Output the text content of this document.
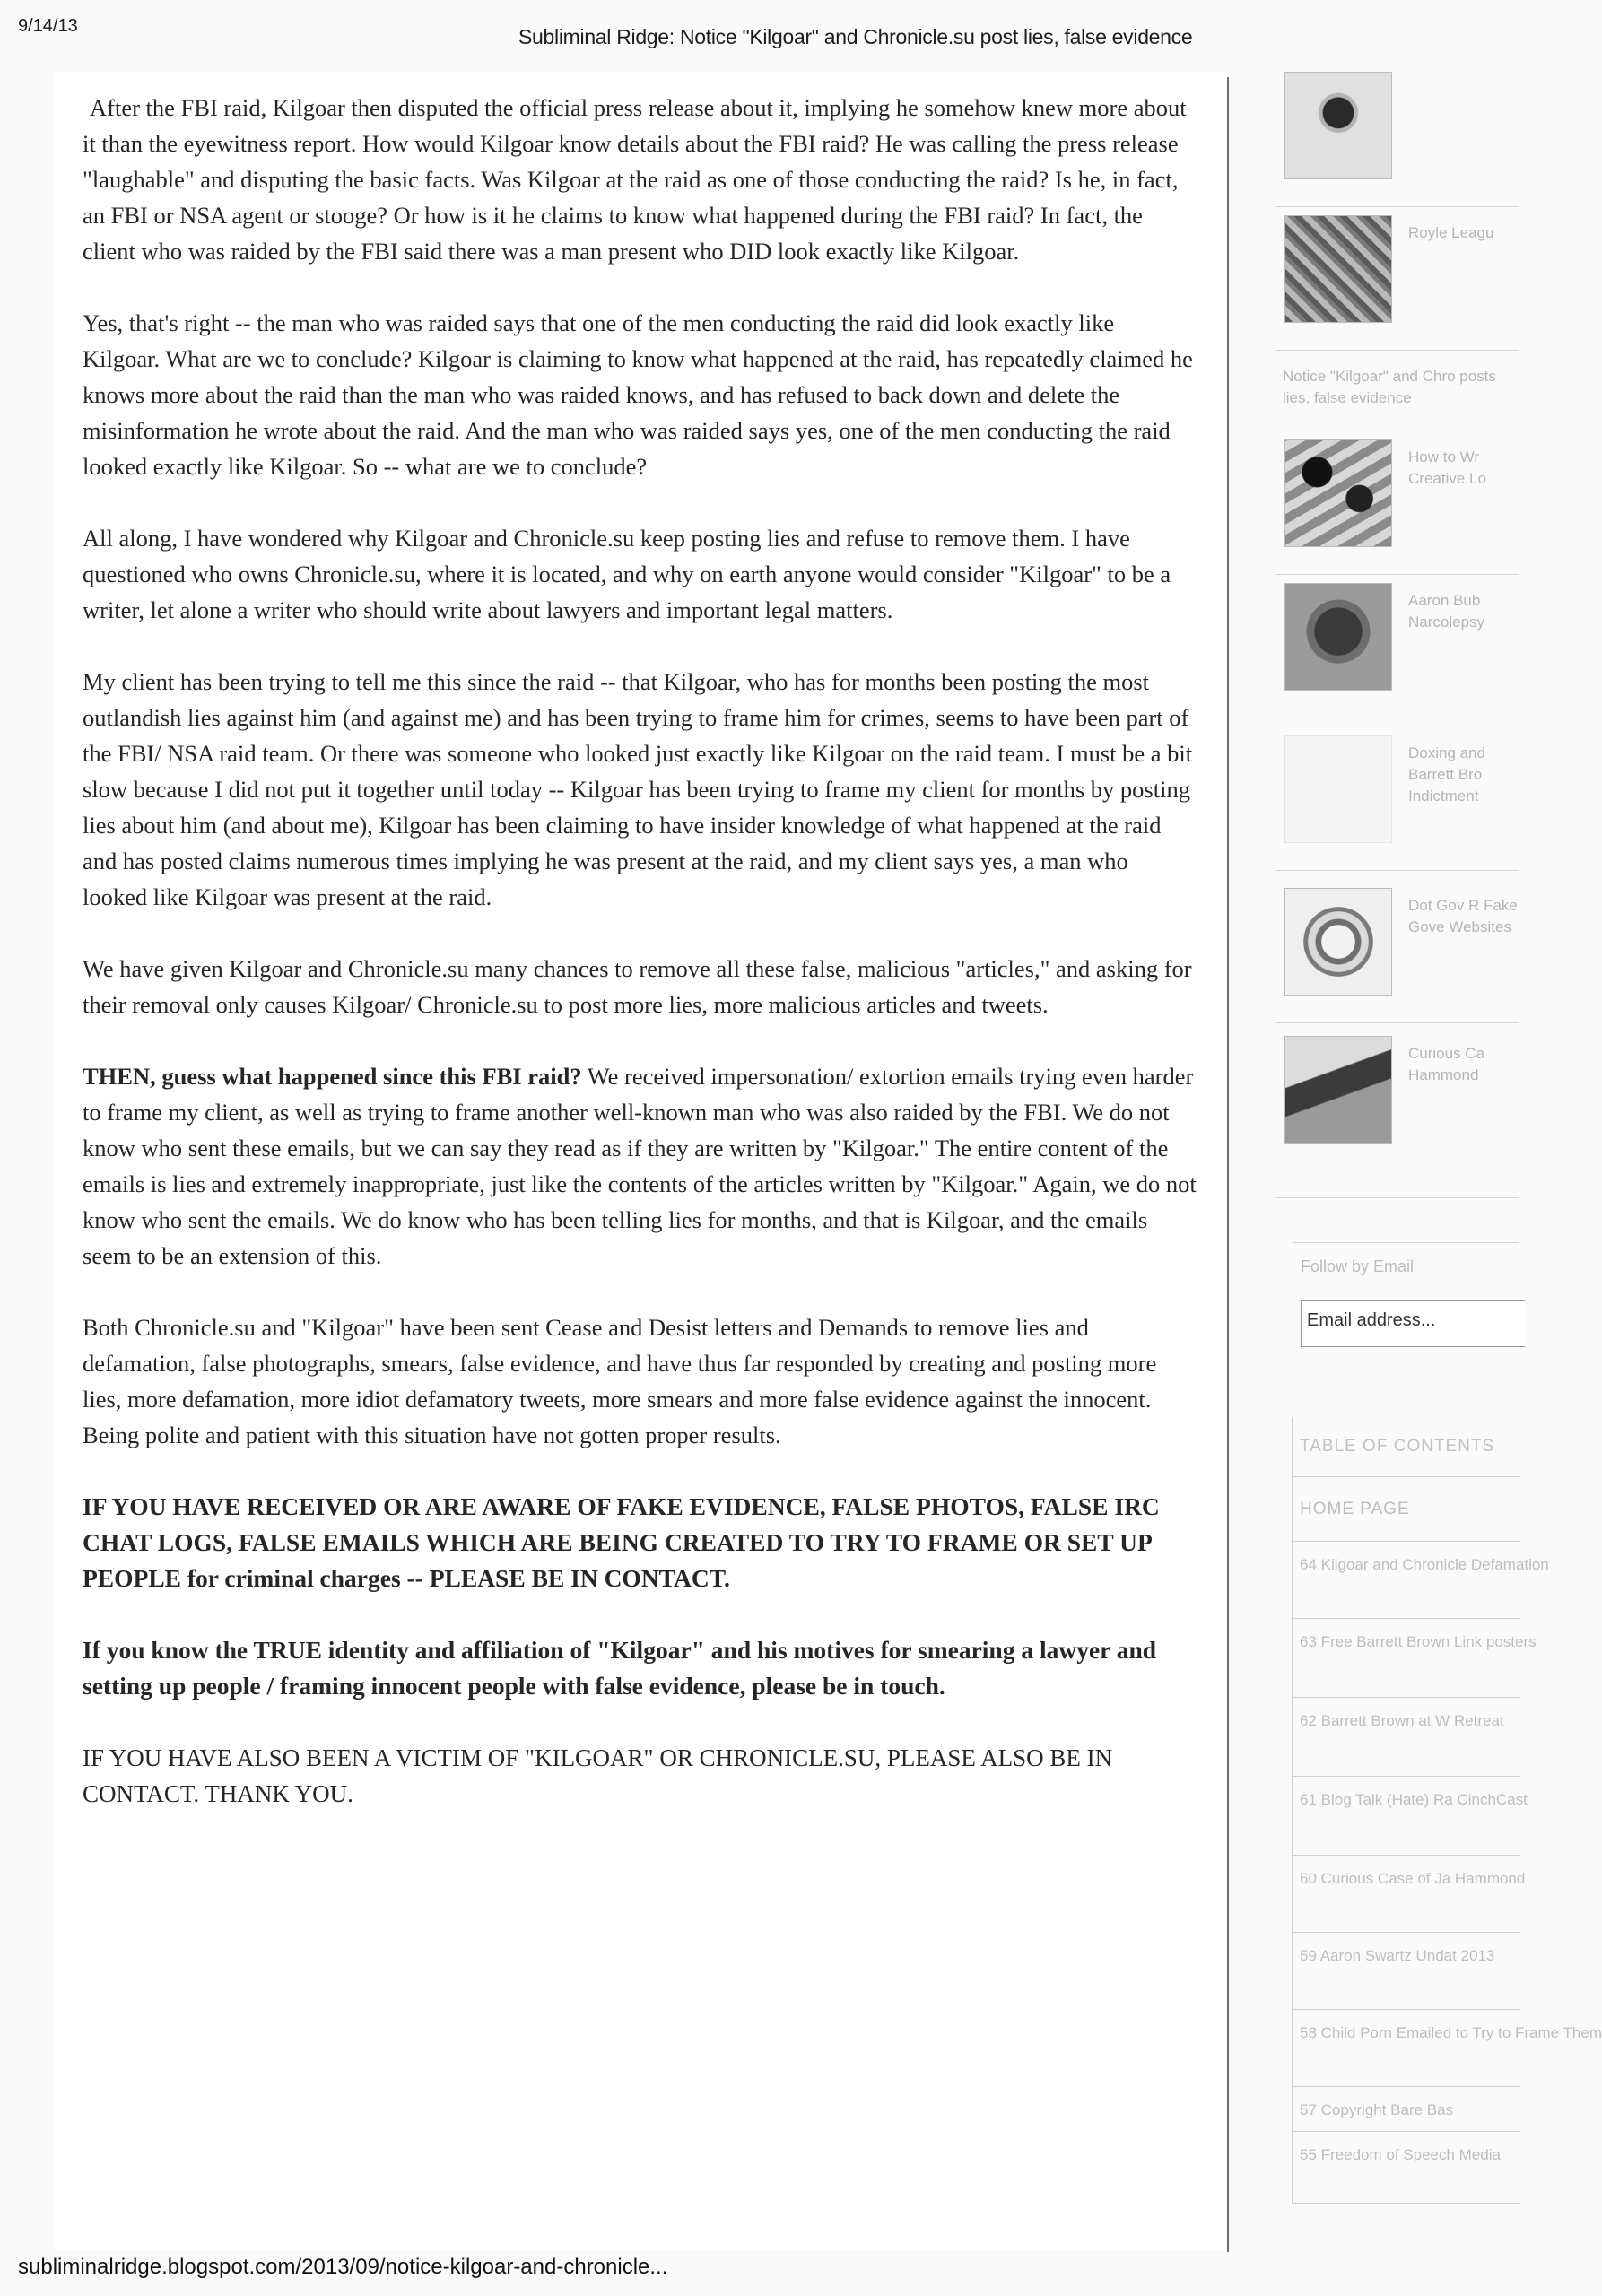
9/14/13	Subliminal Ridge: Notice "Kilgoar" and Chronicle.su post lies, false evidence

After the FBI raid, Kilgoar then disputed the official press release about it, implying he somehow knew more about it than the eyewitness report. How would Kilgoar know details about the FBI raid? He was calling the press release "laughable" and disputing the basic facts. Was Kilgoar at the raid as one of those conducting the raid? Is he, in fact, an FBI or NSA agent or stooge? Or how is it he claims to know what happened during the FBI raid? In fact, the client who was raided by the FBI said there was a man present who DID look exactly like Kilgoar.

Yes, that's right -- the man who was raided says that one of the men conducting the raid did look exactly like Kilgoar. What are we to conclude? Kilgoar is claiming to know what happened at the raid, has repeatedly claimed he knows more about the raid than the man who was raided knows, and has refused to back down and delete the misinformation he wrote about the raid. And the man who was raided says yes, one of the men conducting the raid looked exactly like Kilgoar. So -- what are we to conclude?

All along, I have wondered why Kilgoar and Chronicle.su keep posting lies and refuse to remove them. I have questioned who owns Chronicle.su, where it is located, and why on earth anyone would consider "Kilgoar" to be a writer, let alone a writer who should write about lawyers and important legal matters.

My client has been trying to tell me this since the raid -- that Kilgoar, who has for months been posting the most outlandish lies against him (and against me) and has been trying to frame him for crimes, seems to have been part of the FBI/ NSA raid team. Or there was someone who looked just exactly like Kilgoar on the raid team. I must be a bit slow because I did not put it together until today -- Kilgoar has been trying to frame my client for months by posting lies about him (and about me), Kilgoar has been claiming to have insider knowledge of what happened at the raid and has posted claims numerous times implying he was present at the raid, and my client says yes, a man who looked like Kilgoar was present at the raid.

We have given Kilgoar and Chronicle.su many chances to remove all these false, malicious "articles," and asking for their removal only causes Kilgoar/ Chronicle.su to post more lies, more malicious articles and tweets.

THEN, guess what happened since this FBI raid? We received impersonation/ extortion emails trying even harder to frame my client, as well as trying to frame another well-known man who was also raided by the FBI. We do not know who sent these emails, but we can say they read as if they are written by "Kilgoar." The entire content of the emails is lies and extremely inappropriate, just like the contents of the articles written by "Kilgoar." Again, we do not know who sent the emails. We do know who has been telling lies for months, and that is Kilgoar, and the emails seem to be an extension of this.

Both Chronicle.su and "Kilgoar" have been sent Cease and Desist letters and Demands to remove lies and defamation, false photographs, smears, false evidence, and have thus far responded by creating and posting more lies, more defamation, more idiot defamatory tweets, more smears and more false evidence against the innocent. Being polite and patient with this situation have not gotten proper results.

IF YOU HAVE RECEIVED OR ARE AWARE OF FAKE EVIDENCE, FALSE PHOTOS, FALSE IRC CHAT LOGS, FALSE EMAILS WHICH ARE BEING CREATED TO TRY TO FRAME OR SET UP PEOPLE for criminal charges -- PLEASE BE IN CONTACT.

If you know the TRUE identity and affiliation of "Kilgoar" and his motives for smearing a lawyer and setting up people / framing innocent people with false evidence, please be in touch.

IF YOU HAVE ALSO BEEN A VICTIM OF "KILGOAR" OR CHRONICLE.SU, PLEASE ALSO BE IN CONTACT. THANK YOU.

Royle Leagu
Notice "Kilgoar" and Chro posts lies, false evidence
How to Wr Creative Lo
Aaron Bub Narcolepsy
Doxing and Barrett Bro Indictment
Dot Gov R Fake Gove Websites
Curious Ca Hammond
Follow by Email
Email address...
TABLE OF CONTENTS
HOME PAGE
64 Kilgoar and Chronicle Defamation
63 Free Barrett Brown Link posters
62 Barrett Brown at W Retreat
61 Blog Talk (Hate) Ra CinchCast
60 Curious Case of Ja Hammond
59 Aaron Swartz Undat 2013
58 Child Porn Emailed to Try to Frame Them
57 Copyright Bare Bas
55 Freedom of Speech Media
subliminalridge.blogspot.com/2013/09/notice-kilgoar-and-chronicle...
